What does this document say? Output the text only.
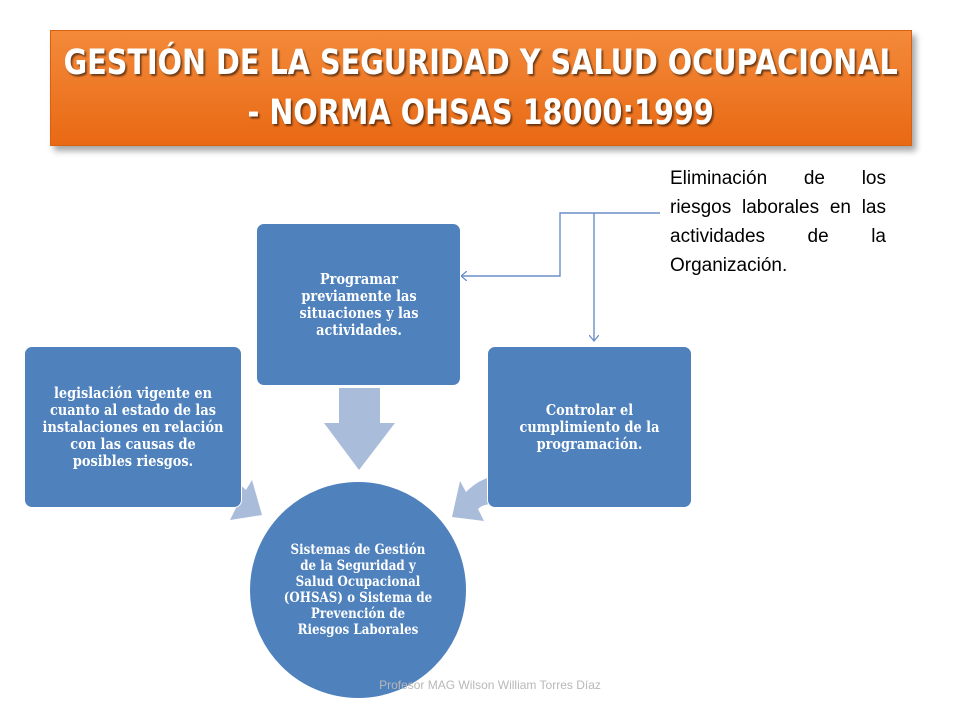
GESTIÓN DE LA SEGURIDAD Y SALUD OCUPACIONAL
- NORMA OHSAS 18000:1999
Eliminación de los riesgos laborales en las actividades de la Organización.
legislación vigente en cuanto al estado de las instalaciones en relación con las causas de posibles riesgos.
Programar previamente las situaciones y las actividades.
Controlar el cumplimiento de la programación.
Sistemas de Gestión de la Seguridad y Salud Ocupacional (OHSAS) o Sistema de Prevención de Riesgos Laborales
Profesor MAG Wilson William Torres Díaz
